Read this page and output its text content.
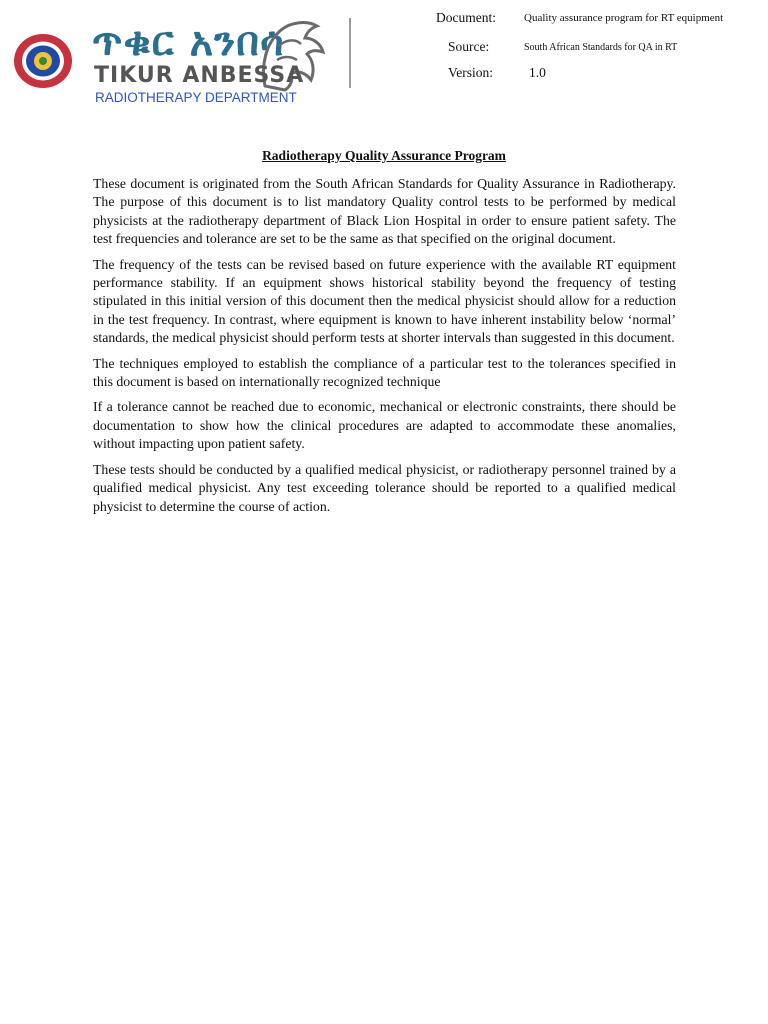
ጥቁር አንበሳ
TIKUR ANBESSA
RADIOTHERAPY DEPARTMENT
Document:	Quality assurance program for RT equipment
Source:	South African Standards for QA in RT
Version:	1.0
Radiotherapy Quality Assurance Program

These document is originated from the South African Standards for Quality Assurance in Radiotherapy. The purpose of this document is to list mandatory Quality control tests to be performed by medical physicists at the radiotherapy department of Black Lion Hospital in order to ensure patient safety. The test frequencies and tolerance are set to be the same as that specified on the original document.

The frequency of the tests can be revised based on future experience with the available RT equipment performance stability. If an equipment shows historical stability beyond the frequency of testing stipulated in this initial version of this document then the medical physicist should allow for a reduction in the test frequency. In contrast, where equipment is known to have inherent instability below ‘normal’ standards, the medical physicist should perform tests at shorter intervals than suggested in this document.

The techniques employed to establish the compliance of a particular test to the tolerances specified in this document is based on internationally recognized technique

If a tolerance cannot be reached due to economic, mechanical or electronic constraints, there should be documentation to show how the clinical procedures are adapted to accommodate these anomalies, without impacting upon patient safety.

These tests should be conducted by a qualified medical physicist, or radiotherapy personnel trained by a qualified medical physicist. Any test exceeding tolerance should be reported to a qualified medical physicist to determine the course of action.
